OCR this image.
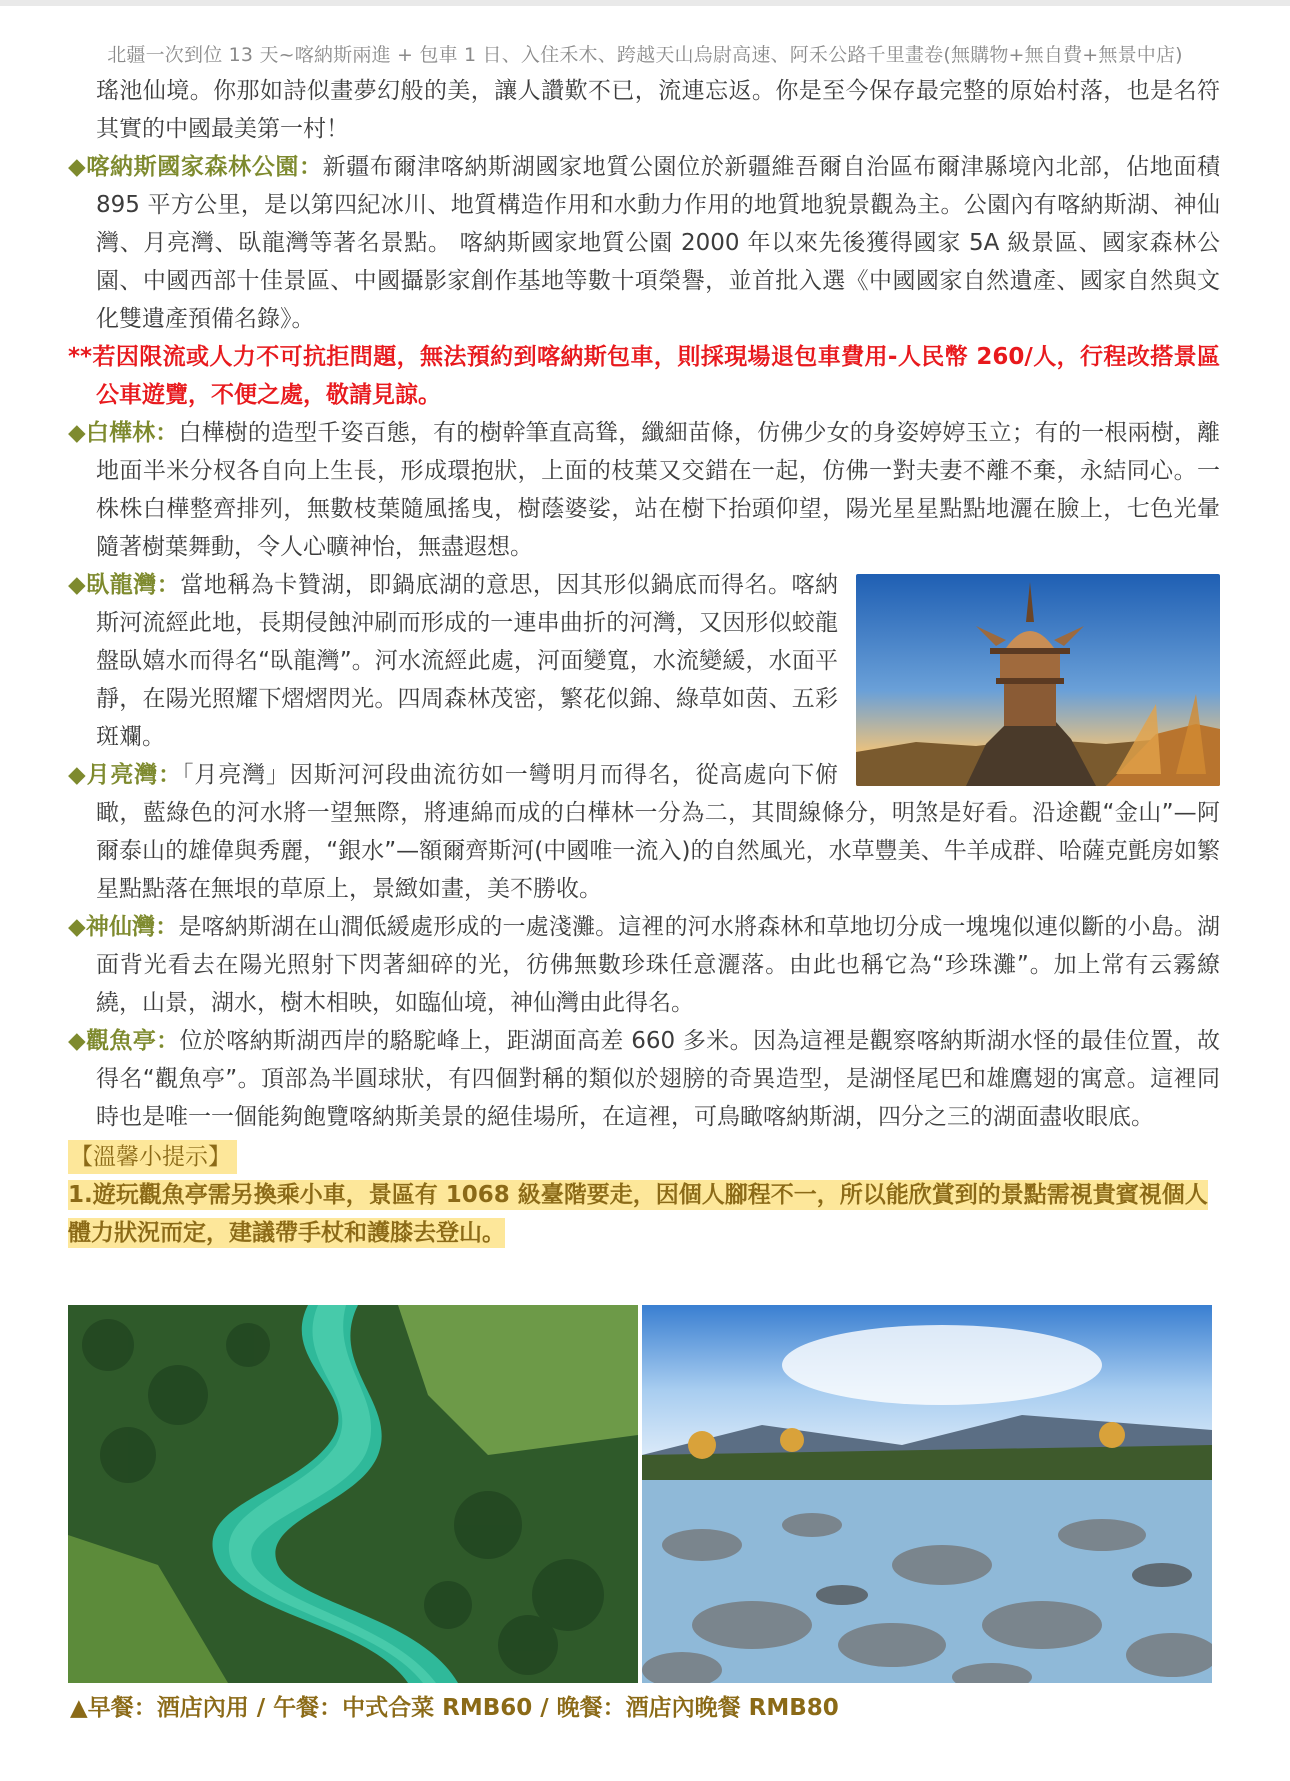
北疆一次到位 13 天~喀納斯兩進 + 包車 1 日、入住禾木、跨越天山烏尉高速、阿禾公路千里畫卷(無購物+無自費+無景中店)

瑤池仙境。你那如詩似畫夢幻般的美，讓人讚歎不已，流連忘返。你是至今保存最完整的原始村落，也是名符其實的中國最美第一村！

◆喀納斯國家森林公園：新疆布爾津喀納斯湖國家地質公園位於新疆維吾爾自治區布爾津縣境內北部，佔地面積 895 平方公里，是以第四紀冰川、地質構造作用和水動力作用的地質地貌景觀為主。公園內有喀納斯湖、神仙灣、月亮灣、臥龍灣等著名景點。 喀納斯國家地質公園 2000 年以來先後獲得國家 5A 級景區、國家森林公園、中國西部十佳景區、中國攝影家創作基地等數十項榮譽，並首批入選《中國國家自然遺產、國家自然與文化雙遺產預備名錄》。

**若因限流或人力不可抗拒問題，無法預約到喀納斯包車，則採現場退包車費用-人民幣 260/人，行程改搭景區公車遊覽，不便之處，敬請見諒。

◆白樺林：白樺樹的造型千姿百態，有的樹幹筆直高聳，纖細苗條，仿佛少女的身姿婷婷玉立；有的一根兩樹，離地面半米分杈各自向上生長，形成環抱狀，上面的枝葉又交錯在一起，仿佛一對夫妻不離不棄，永結同心。一株株白樺整齊排列，無數枝葉隨風搖曳，樹蔭婆娑，站在樹下抬頭仰望，陽光星星點點地灑在臉上，七色光暈隨著樹葉舞動，令人心曠神怡，無盡遐想。

◆臥龍灣：當地稱為卡贊湖，即鍋底湖的意思，因其形似鍋底而得名。喀納斯河流經此地，長期侵蝕沖刷而形成的一連串曲折的河灣，又因形似蛟龍盤臥嬉水而得名“臥龍灣”。河水流經此處，河面變寬，水流變緩，水面平靜，在陽光照耀下熠熠閃光。四周森林茂密，繁花似錦、綠草如茵、五彩斑斕。

◆月亮灣：「月亮灣」因斯河河段曲流彷如一彎明月而得名，從高處向下俯瞰，藍綠色的河水將一望無際，將連綿而成的白樺林一分為二，其間線條分，明煞是好看。沿途觀“金山”—阿爾泰山的雄偉與秀麗，“銀水”—額爾齊斯河(中國唯一流入)的自然風光，水草豐美、牛羊成群、哈薩克氈房如繁星點點落在無垠的草原上，景緻如畫，美不勝收。

◆神仙灣：是喀納斯湖在山澗低緩處形成的一處淺灘。這裡的河水將森林和草地切分成一塊塊似連似斷的小島。湖面背光看去在陽光照射下閃著細碎的光，彷佛無數珍珠任意灑落。由此也稱它為“珍珠灘”。加上常有云霧繚繞，山景，湖水，樹木相映，如臨仙境，神仙灣由此得名。

◆觀魚亭：位於喀納斯湖西岸的駱駝峰上，距湖面高差 660 多米。因為這裡是觀察喀納斯湖水怪的最佳位置，故得名“觀魚亭”。頂部為半圓球狀，有四個對稱的類似於翅膀的奇異造型，是湖怪尾巴和雄鷹翅的寓意。這裡同時也是唯一一個能夠飽覽喀納斯美景的絕佳場所，在這裡，可鳥瞰喀納斯湖，四分之三的湖面盡收眼底。

【溫馨小提示】

1.遊玩觀魚亭需另換乘小車，景區有 1068 級臺階要走，因個人腳程不一，所以能欣賞到的景點需視貴賓視個人體力狀況而定，建議帶手杖和護膝去登山。

▲早餐：酒店內用 / 午餐：中式合菜 RMB60 / 晚餐：酒店內晚餐 RMB80
